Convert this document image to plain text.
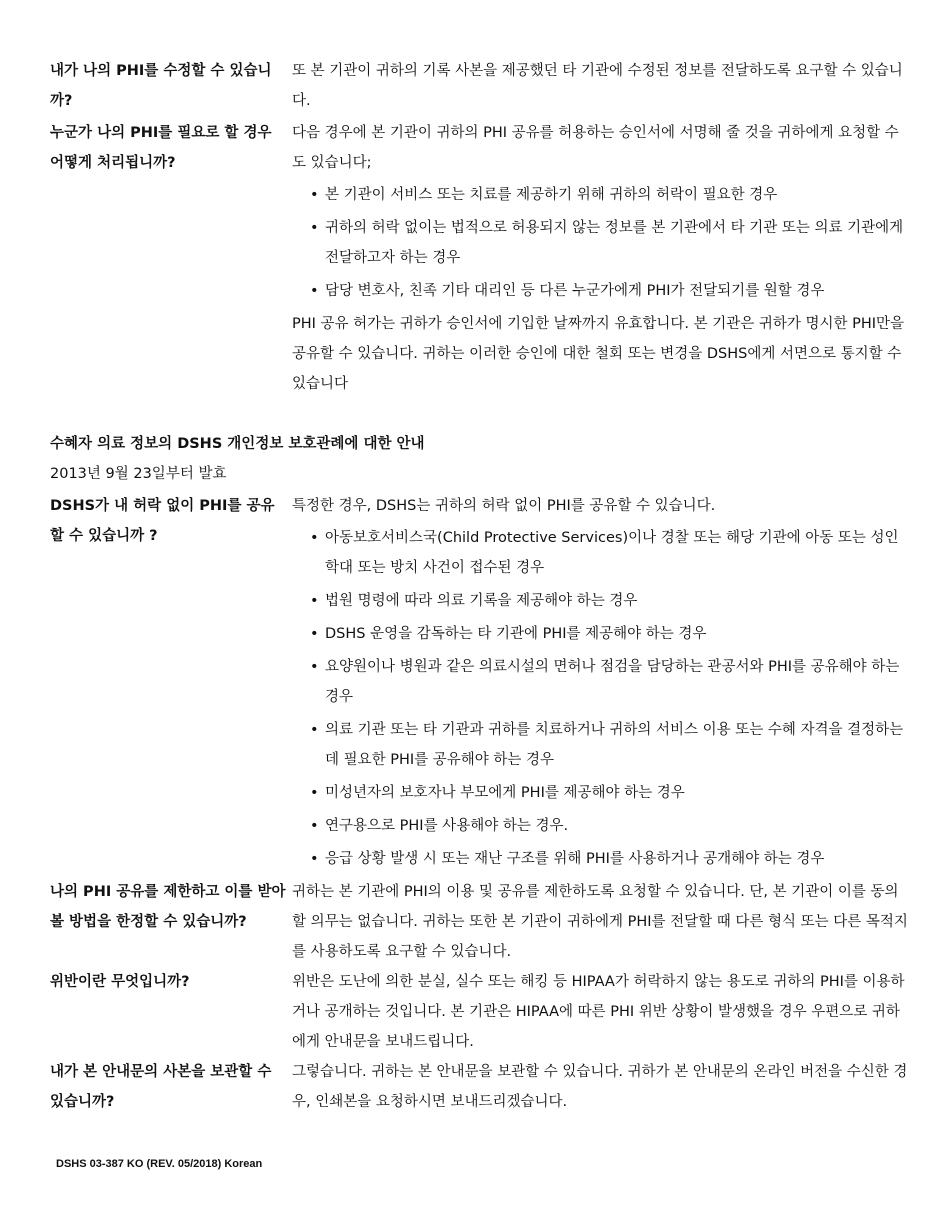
내가 나의 PHI를 수정할 수 있습니까?

또 본 기관이 귀하의 기록 사본을 제공했던 타 기관에 수정된 정보를 전달하도록 요구할 수 있습니다.

누군가 나의 PHI를 필요로 할 경우 어떻게 처리됩니까?

다음 경우에 본 기관이 귀하의 PHI 공유를 허용하는 승인서에 서명해 줄 것을 귀하에게 요청할 수도 있습니다;

• 본 기관이 서비스 또는 치료를 제공하기 위해 귀하의 허락이 필요한 경우
• 귀하의 허락 없이는 법적으로 허용되지 않는 정보를 본 기관에서 타 기관 또는 의료 기관에게 전달하고자 하는 경우
• 담당 변호사, 친족 기타 대리인 등 다른 누군가에게 PHI가 전달되기를 원할 경우

PHI 공유 허가는 귀하가 승인서에 기입한 날짜까지 유효합니다. 본 기관은 귀하가 명시한 PHI만을 공유할 수 있습니다. 귀하는 이러한 승인에 대한 철회 또는 변경을 DSHS에게 서면으로 통지할 수 있습니다

수혜자 의료 정보의 DSHS 개인정보 보호관례에 대한 안내
2013년 9월 23일부터 발효
DSHS가 내 허락 없이 PHI를 공유할 수 있습니까 ?

특정한 경우, DSHS는 귀하의 허락 없이 PHI를 공유할 수 있습니다.

• 아동보호서비스국(Child Protective Services)이나 경찰 또는 해당 기관에 아동 또는 성인 학대 또는 방치 사건이 접수된 경우
• 법원 명령에 따라 의료 기록을 제공해야 하는 경우
• DSHS 운영을 감독하는 타 기관에 PHI를 제공해야 하는 경우
• 요양원이나 병원과 같은 의료시설의 면허나 점검을 담당하는 관공서와 PHI를 공유해야 하는 경우
• 의료 기관 또는 타 기관과 귀하를 치료하거나 귀하의 서비스 이용 또는 수혜 자격을 결정하는 데 필요한 PHI를 공유해야 하는 경우
• 미성년자의 보호자나 부모에게 PHI를 제공해야 하는 경우
• 연구용으로 PHI를 사용해야 하는 경우.
• 응급 상황 발생 시 또는 재난 구조를 위해 PHI를 사용하거나 공개해야 하는 경우
나의 PHI 공유를 제한하고 이를 받아 볼 방법을 한정할 수 있습니까?

귀하는 본 기관에 PHI의 이용 및 공유를 제한하도록 요청할 수 있습니다. 단, 본 기관이 이를 동의할 의무는 없습니다. 귀하는 또한 본 기관이 귀하에게 PHI를 전달할 때 다른 형식 또는 다른 목적지를 사용하도록 요구할 수 있습니다.

위반이란 무엇입니까?	위반은 도난에 의한 분실, 실수 또는 해킹 등 HIPAA가 허락하지 않는 용도로 귀하의 PHI를 이용하거나 공개하는 것입니다. 본 기관은 HIPAA에 따른 PHI 위반 상황이 발생했을 경우 우편으로 귀하에게 안내문을 보내드립니다.

내가 본 안내문의 사본을 보관할 수 있습니까?

그렇습니다. 귀하는 본 안내문을 보관할 수 있습니다. 귀하가 본 안내문의 온라인 버전을 수신한 경우, 인쇄본을 요청하시면 보내드리겠습니다.

DSHS 03-387 KO (REV. 05/2018) Korean
